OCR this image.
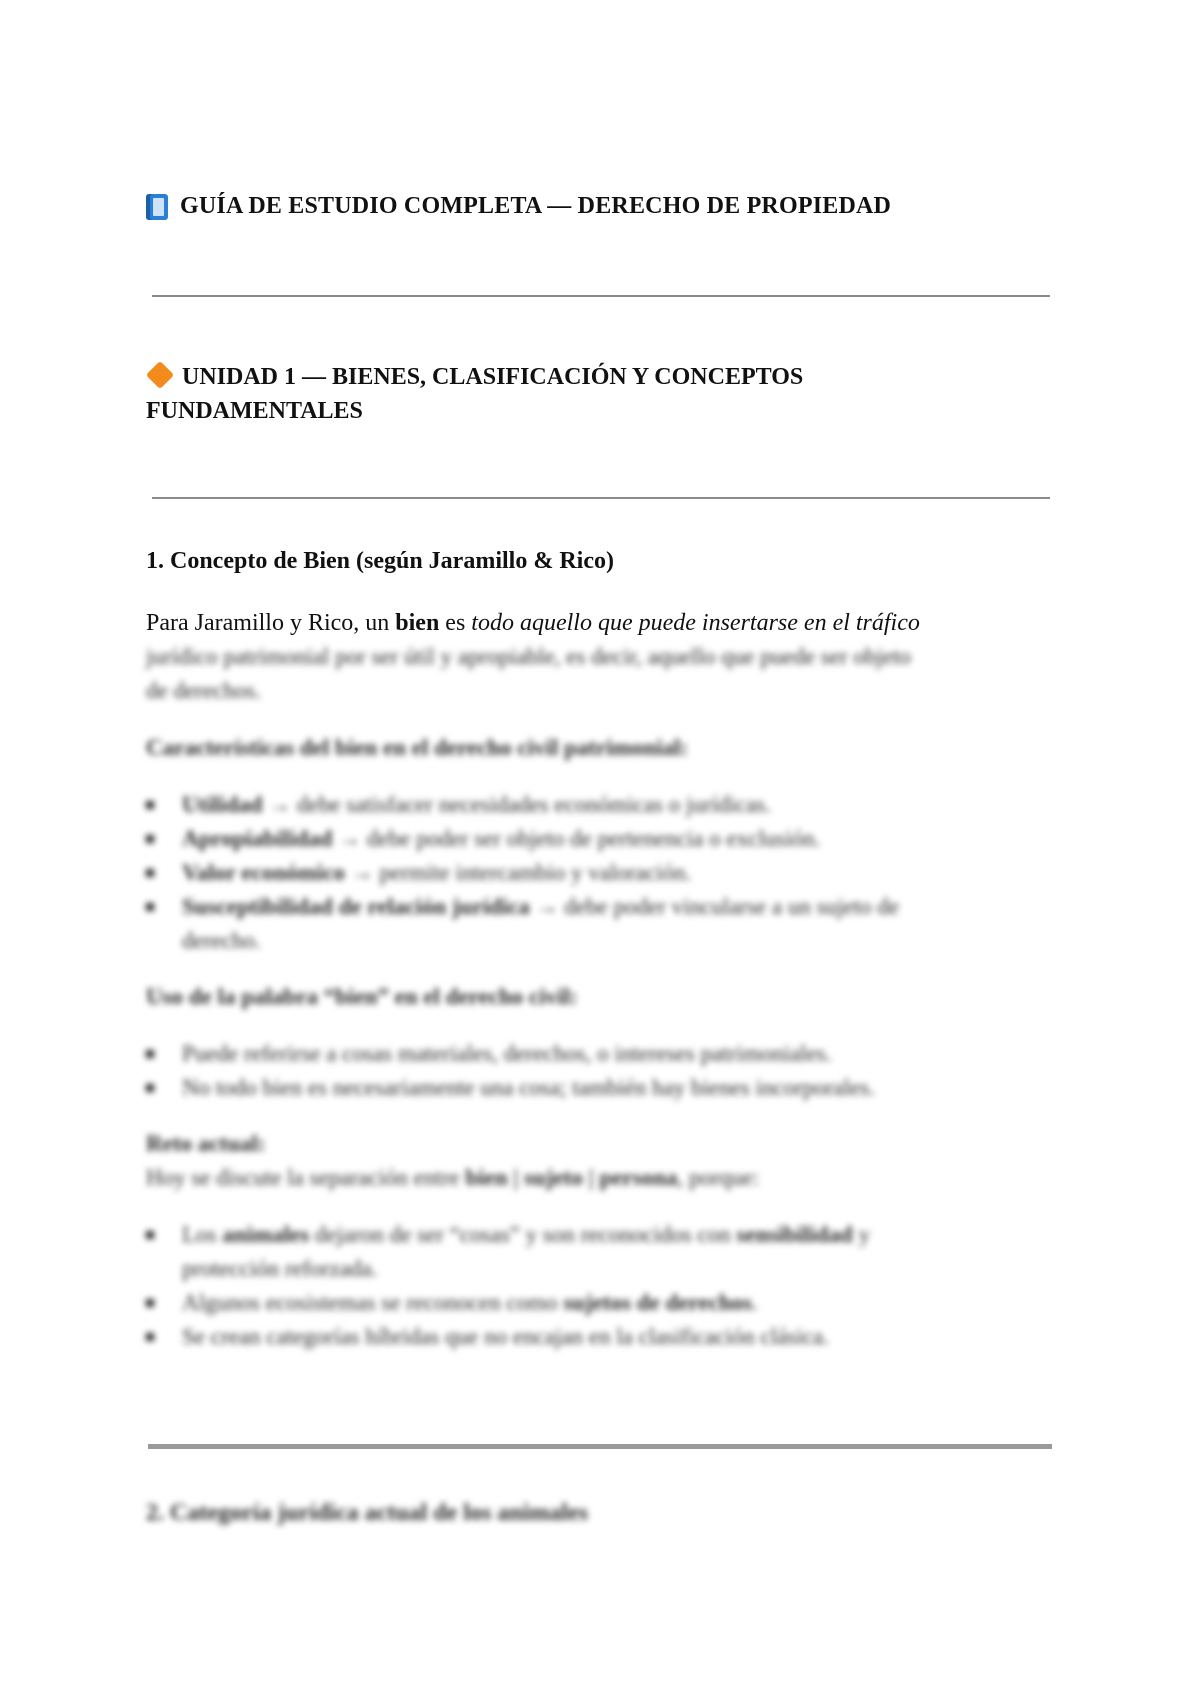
GUÍA DE ESTUDIO COMPLETA — DERECHO DE PROPIEDAD
UNIDAD 1 — BIENES, CLASIFICACIÓN Y CONCEPTOS FUNDAMENTALES
1. Concepto de Bien (según Jaramillo & Rico)

Para Jaramillo y Rico, un bien es todo aquello que puede insertarse en el tráfico

jurídico patrimonial por ser útil y apropiable, es decir, aquello que puede ser objeto
de derechos.
Características del bien en el derecho civil patrimonial:
Utilidad → debe satisfacer necesidades económicas o jurídicas.
Apropiabilidad → debe poder ser objeto de pertenencia o exclusión.
Valor económico → permite intercambio y valoración.
Susceptibilidad de relación jurídica → debe poder vincularse a un sujeto de
derecho.
Uso de la palabra “bien” en el derecho civil:
Puede referirse a cosas materiales, derechos, o intereses patrimoniales.
No todo bien es necesariamente una cosa; también hay bienes incorporales.
Reto actual:
Hoy se discute la separación entre bien | sujeto | persona, porque:
Los animales dejaron de ser “cosas” y son reconocidos con sensibilidad y
protección reforzada.
Algunos ecosistemas se reconocen como sujetos de derechos.
Se crean categorías híbridas que no encajan en la clasificación clásica.
2. Categoría jurídica actual de los animales
